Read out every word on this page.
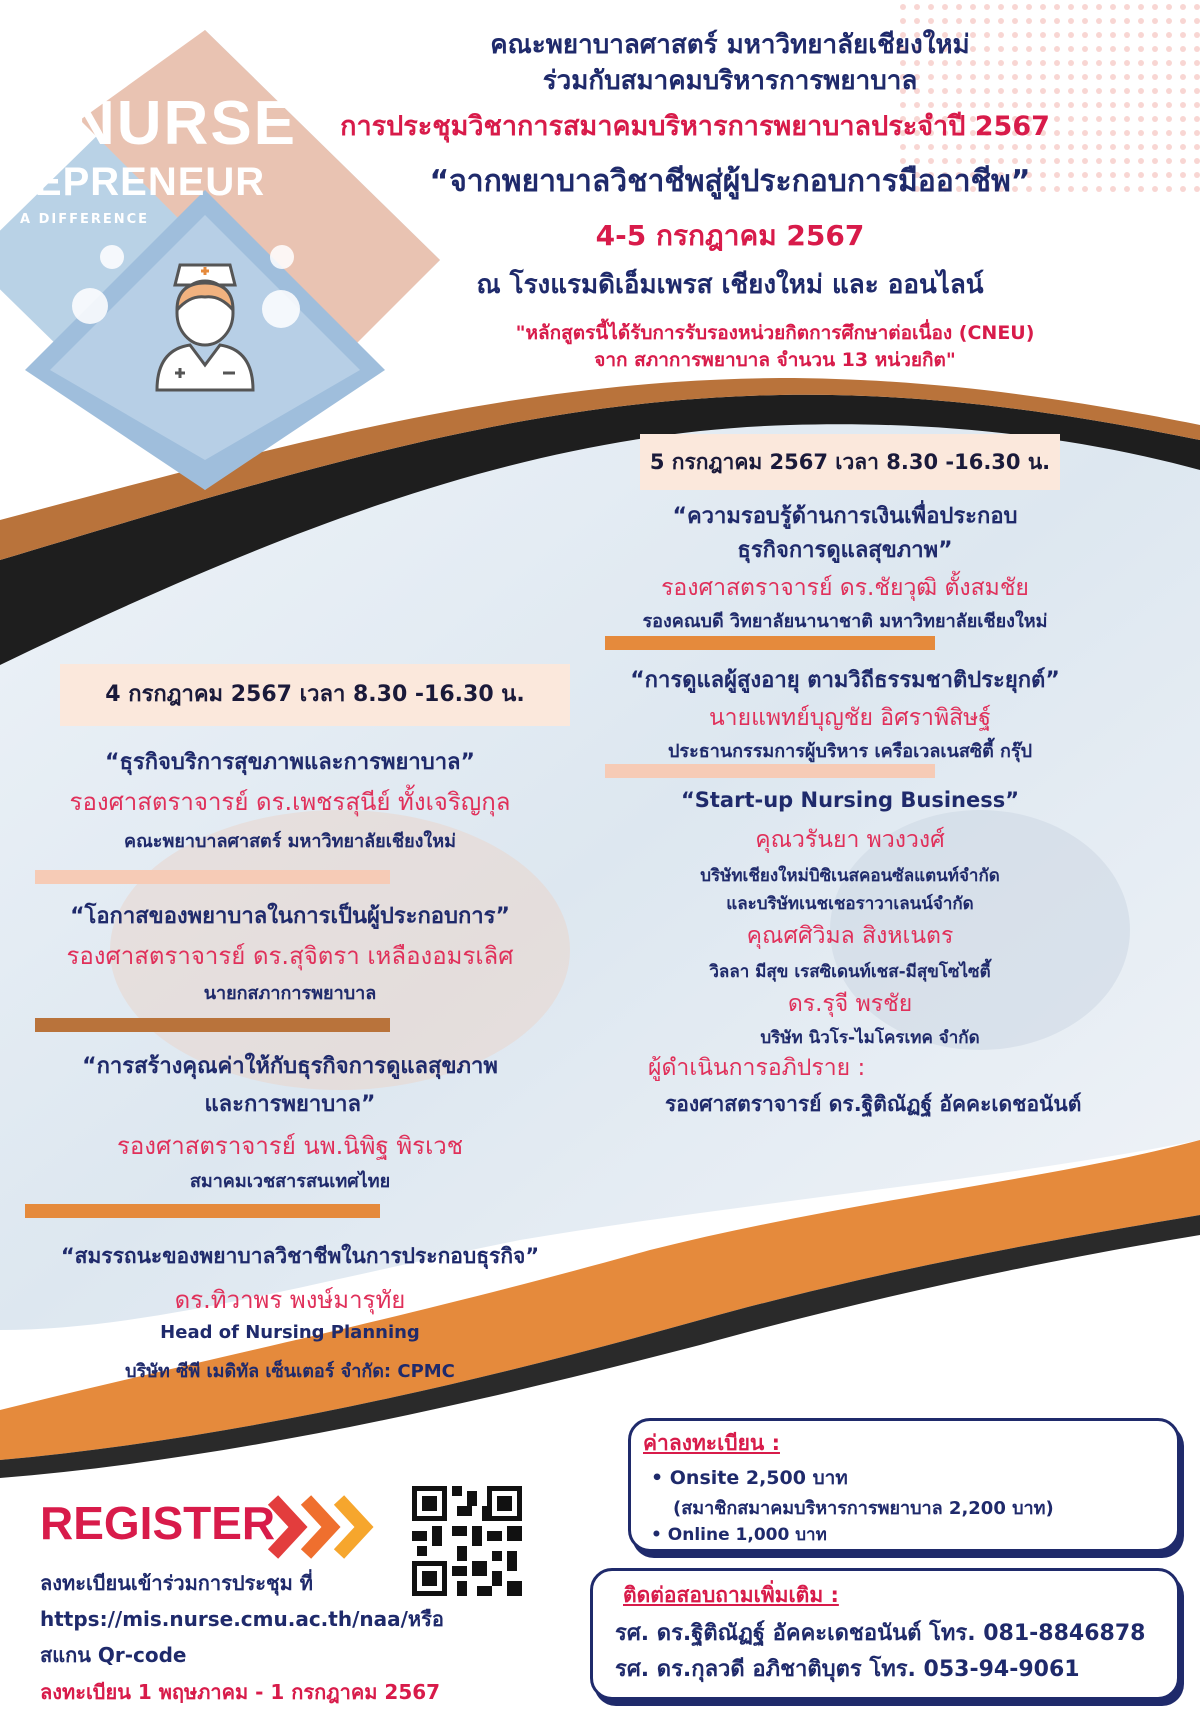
NURSE
REPRENEUR
A DIFFERENCE
คณะพยาบาลศาสตร์ มหาวิทยาลัยเชียงใหม่
ร่วมกับสมาคมบริหารการพยาบาล
การประชุมวิชาการสมาคมบริหารการพยาบาลประจำปี 2567
“จากพยาบาลวิชาชีพสู่ผู้ประกอบการมืออาชีพ”
4-5 กรกฎาคม 2567
ณ โรงแรมดิเอ็มเพรส เชียงใหม่ และ ออนไลน์
"หลักสูตรนี้ได้รับการรับรองหน่วยกิตการศึกษาต่อเนื่อง (CNEU)
จาก สภาการพยาบาล จำนวน 13 หน่วยกิต"
5 กรกฎาคม 2567 เวลา 8.30 -16.30 น.
“ความรอบรู้ด้านการเงินเพื่อประกอบ
ธุรกิจการดูแลสุขภาพ”
รองศาสตราจารย์ ดร.ชัยวุฒิ ตั้งสมชัย
รองคณบดี วิทยาลัยนานาชาติ มหาวิทยาลัยเชียงใหม่
“การดูแลผู้สูงอายุ ตามวิถีธรรมชาติประยุกต์”
นายแพทย์บุญชัย อิศราพิสิษฐ์
ประธานกรรมการผู้บริหาร เครือเวลเนสซิตี้ กรุ๊ป
“Start-up Nursing Business”
คุณวรันยา พวงวงศ์
บริษัทเชียงใหม่บิซิเนสคอนซัลแตนท์จำกัด
และบริษัทเนชเชอราวาเลนน์จำกัด
คุณศศิวิมล สิงหเนตร
วิลลา มีสุข เรสซิเดนท์เชส-มีสุขโซไซตี้
ดร.รุจี พรชัย
บริษัท นิวโร-ไมโครเทค จำกัด
ผู้ดำเนินการอภิปราย :
รองศาสตราจารย์ ดร.ฐิติณัฏฐ์ อัคคะเดชอนันต์
4 กรกฎาคม 2567 เวลา 8.30 -16.30 น.
“ธุรกิจบริการสุขภาพและการพยาบาล”
รองศาสตราจารย์ ดร.เพชรสุนีย์ ทั้งเจริญกุล
คณะพยาบาลศาสตร์ มหาวิทยาลัยเชียงใหม่
“โอกาสของพยาบาลในการเป็นผู้ประกอบการ”
รองศาสตราจารย์ ดร.สุจิตรา เหลืองอมรเลิศ
นายกสภาการพยาบาล
“การสร้างคุณค่าให้กับธุรกิจการดูแลสุขภาพ
และการพยาบาล”
รองศาสตราจารย์ นพ.นิพิฐ พิรเวช
สมาคมเวชสารสนเทศไทย
“สมรรถนะของพยาบาลวิชาชีพในการประกอบธุรกิจ”
ดร.ทิวาพร พงษ์มารุทัย
Head of Nursing Planning
บริษัท ซีพี เมดิทัล เซ็นเตอร์ จำกัด: CPMC
ค่าลงทะเบียน :
• Onsite 2,500 บาท
(สมาชิกสมาคมบริหารการพยาบาล 2,200 บาท)
• Online 1,000 บาท
ติดต่อสอบถามเพิ่มเติม :
รศ. ดร.ฐิติณัฏฐ์ อัคคะเดชอนันต์ โทร. 081-8846878
รศ. ดร.กุลวดี อภิชาติบุตร โทร. 053-94-9061
REGISTER
ลงทะเบียนเข้าร่วมการประชุม ที่
https://mis.nurse.cmu.ac.th/naa/หรือ
สแกน Qr-code
ลงทะเบียน 1 พฤษภาคม - 1 กรกฎาคม 2567
